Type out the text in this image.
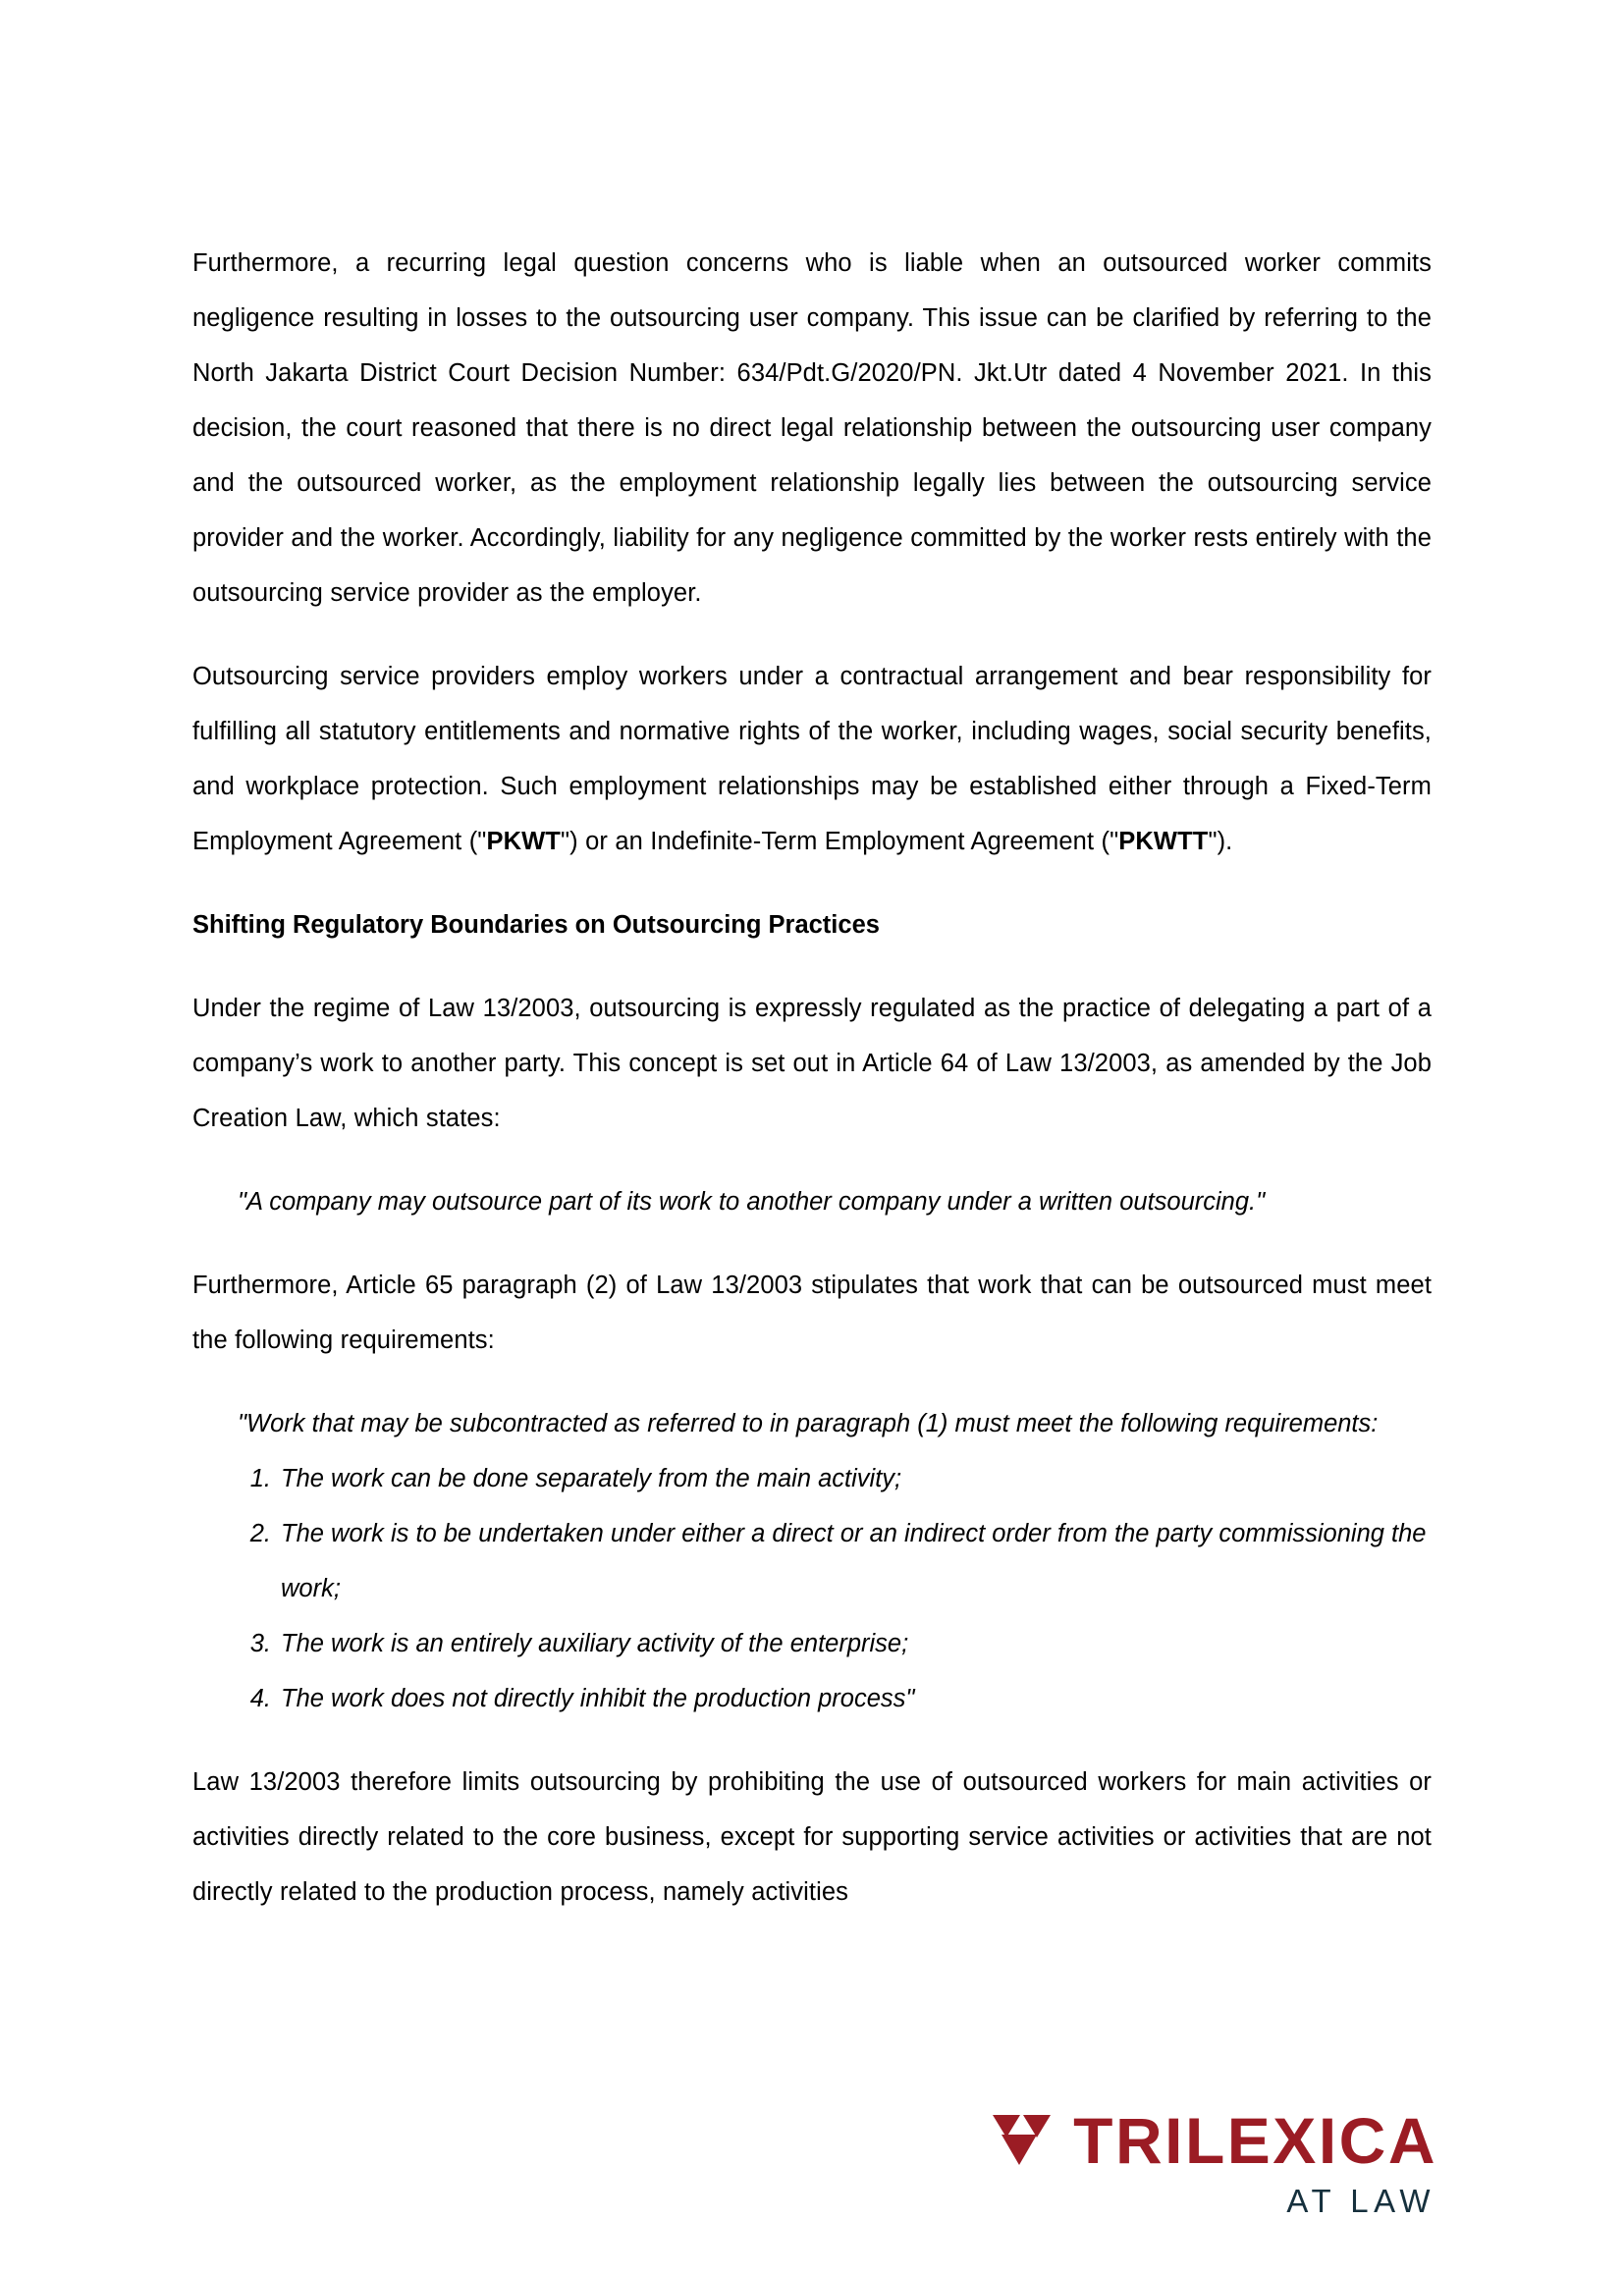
Furthermore, a recurring legal question concerns who is liable when an outsourced worker commits negligence resulting in losses to the outsourcing user company. This issue can be clarified by referring to the North Jakarta District Court Decision Number: 634/Pdt.G/2020/PN. Jkt.Utr dated 4 November 2021. In this decision, the court reasoned that there is no direct legal relationship between the outsourcing user company and the outsourced worker, as the employment relationship legally lies between the outsourcing service provider and the worker. Accordingly, liability for any negligence committed by the worker rests entirely with the outsourcing service provider as the employer.

Outsourcing service providers employ workers under a contractual arrangement and bear responsibility for fulfilling all statutory entitlements and normative rights of the worker, including wages, social security benefits, and workplace protection. Such employment relationships may be established either through a Fixed-Term Employment Agreement ("PKWT") or an Indefinite-Term Employment Agreement ("PKWTT").

Shifting Regulatory Boundaries on Outsourcing Practices

Under the regime of Law 13/2003, outsourcing is expressly regulated as the practice of delegating a part of a company’s work to another party. This concept is set out in Article 64 of Law 13/2003, as amended by the Job Creation Law, which states:

"A company may outsource part of its work to another company under a written outsourcing."

Furthermore, Article 65 paragraph (2) of Law 13/2003 stipulates that work that can be outsourced must meet the following requirements:

"Work that may be subcontracted as referred to in paragraph (1) must meet the following requirements:

1. The work can be done separately from the main activity;
2. The work is to be undertaken under either a direct or an indirect order from the party commissioning the work;
3. The work is an entirely auxiliary activity of the enterprise;
4. The work does not directly inhibit the production process"

Law 13/2003 therefore limits outsourcing by prohibiting the use of outsourced workers for main activities or activities directly related to the core business, except for supporting service activities or activities that are not directly related to the production process, namely activities

TRILEXICA
AT LAW
